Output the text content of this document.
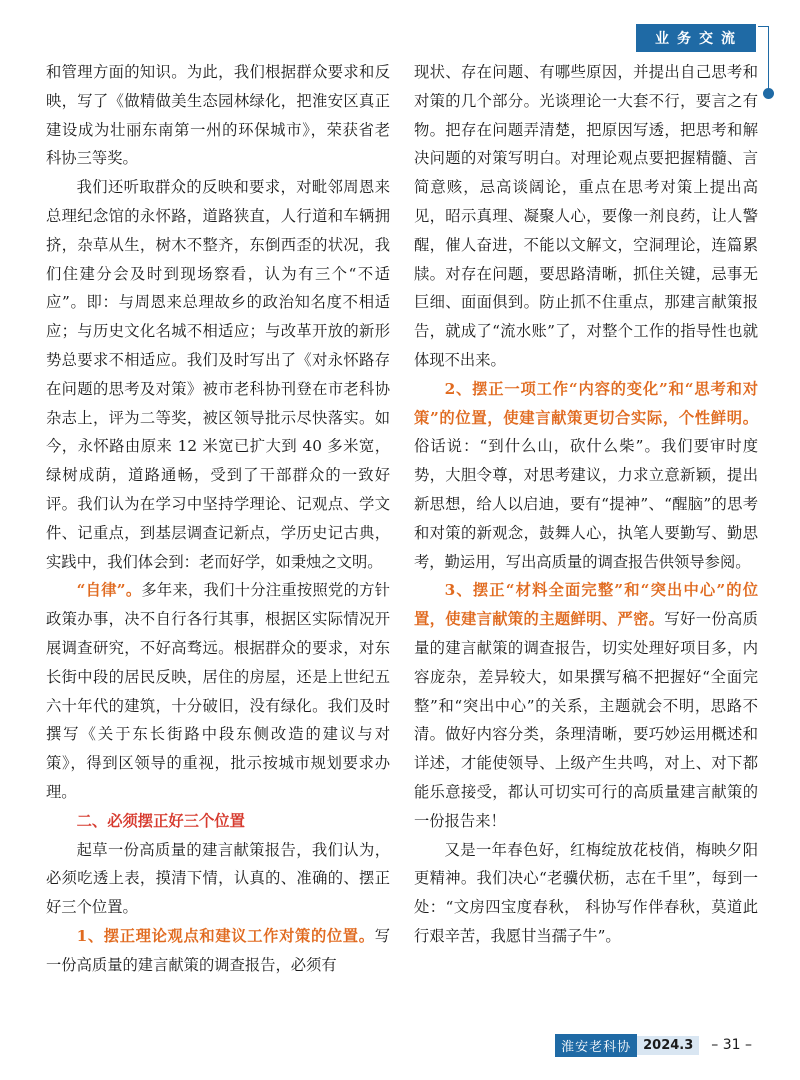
业务交流

和管理方面的知识。为此，我们根据群众要求和反映，写了《做精做美生态园林绿化，把淮安区真正建设成为壮丽东南第一州的环保城市》，荣获省老科协三等奖。

我们还听取群众的反映和要求，对毗邻周恩来总理纪念馆的永怀路，道路狭直，人行道和车辆拥挤，杂草从生，树木不整齐，东倒西歪的状况，我们住建分会及时到现场察看，认为有三个“不适应”。即：与周恩来总理故乡的政治知名度不相适应；与历史文化名城不相适应；与改革开放的新形势总要求不相适应。我们及时写出了《对永怀路存在问题的思考及对策》被市老科协刊登在市老科协杂志上，评为二等奖，被区领导批示尽快落实。如今，永怀路由原来 12 米宽已扩大到 40 多米宽， 绿树成荫，道路通畅，受到了干部群众的一致好评。我们认为在学习中坚持学理论、记观点、学文件、记重点，到基层调查记新点，学历史记古典，实践中，我们体会到：老而好学，如秉烛之文明。

“自律”。多年来，我们十分注重按照党的方针政策办事，决不自行各行其事，根据区实际情况开展调查研究，不好高骛远。根据群众的要求，对东长街中段的居民反映，居住的房屋，还是上世纪五六十年代的建筑，十分破旧，没有绿化。我们及时撰写《关于东长街路中段东侧改造的建议与对策》，得到区领导的重视，批示按城市规划要求办理。

二、必须摆正好三个位置

起草一份高质量的建言献策报告，我们认为，必须吃透上表，摸清下情，认真的、准确的、摆正好三个位置。

1、摆正理论观点和建议工作对策的位置。写一份高质量的建言献策的调查报告，必须有

现状、存在问题、有哪些原因，并提出自己思考和对策的几个部分。光谈理论一大套不行，要言之有物。把存在问题弄清楚，把原因写透，把思考和解决问题的对策写明白。对理论观点要把握精髓、言简意赅，忌高谈阔论，重点在思考对策上提出高见，昭示真理、凝聚人心，要像一剂良药，让人警醒，催人奋进，不能以文解文，空洞理论，连篇累牍。对存在问题，要思路清晰，抓住关键，忌事无巨细、面面俱到。防止抓不住重点，那建言献策报告，就成了“流水账”了，对整个工作的指导性也就体现不出来。

2、摆正一项工作“内容的变化”和“思考和对策”的位置，使建言献策更切合实际，个性鲜明。俗话说：“到什么山，砍什么柴”。我们要审时度势，大胆令尊，对思考建议，力求立意新颖，提出新思想，给人以启迪，要有“提神”、“醒脑”的思考和对策的新观念，鼓舞人心，执笔人要勤写、勤思考，勤运用，写出高质量的调查报告供领导参阅。

3、摆正“材料全面完整”和“突出中心”的位置，使建言献策的主题鲜明、严密。写好一份高质量的建言献策的调查报告，切实处理好项目多，内容庞杂，差异较大，如果撰写稿不把握好“全面完整”和“突出中心”的关系，主题就会不明，思路不清。做好内容分类，条理清晰，要巧妙运用概述和详述，才能使领导、上级产生共鸣，对上、对下都能乐意接受，都认可切实可行的高质量建言献策的一份报告来！

又是一年春色好，红梅绽放花枝俏，梅映夕阳更精神。我们决心“老骥伏枥，志在千里”，每到一处：“文房四宝度春秋， 科协写作伴春秋，莫道此行艰辛苦，我愿甘当孺子牛”。

淮安老科协 2024.3	– 31 –
